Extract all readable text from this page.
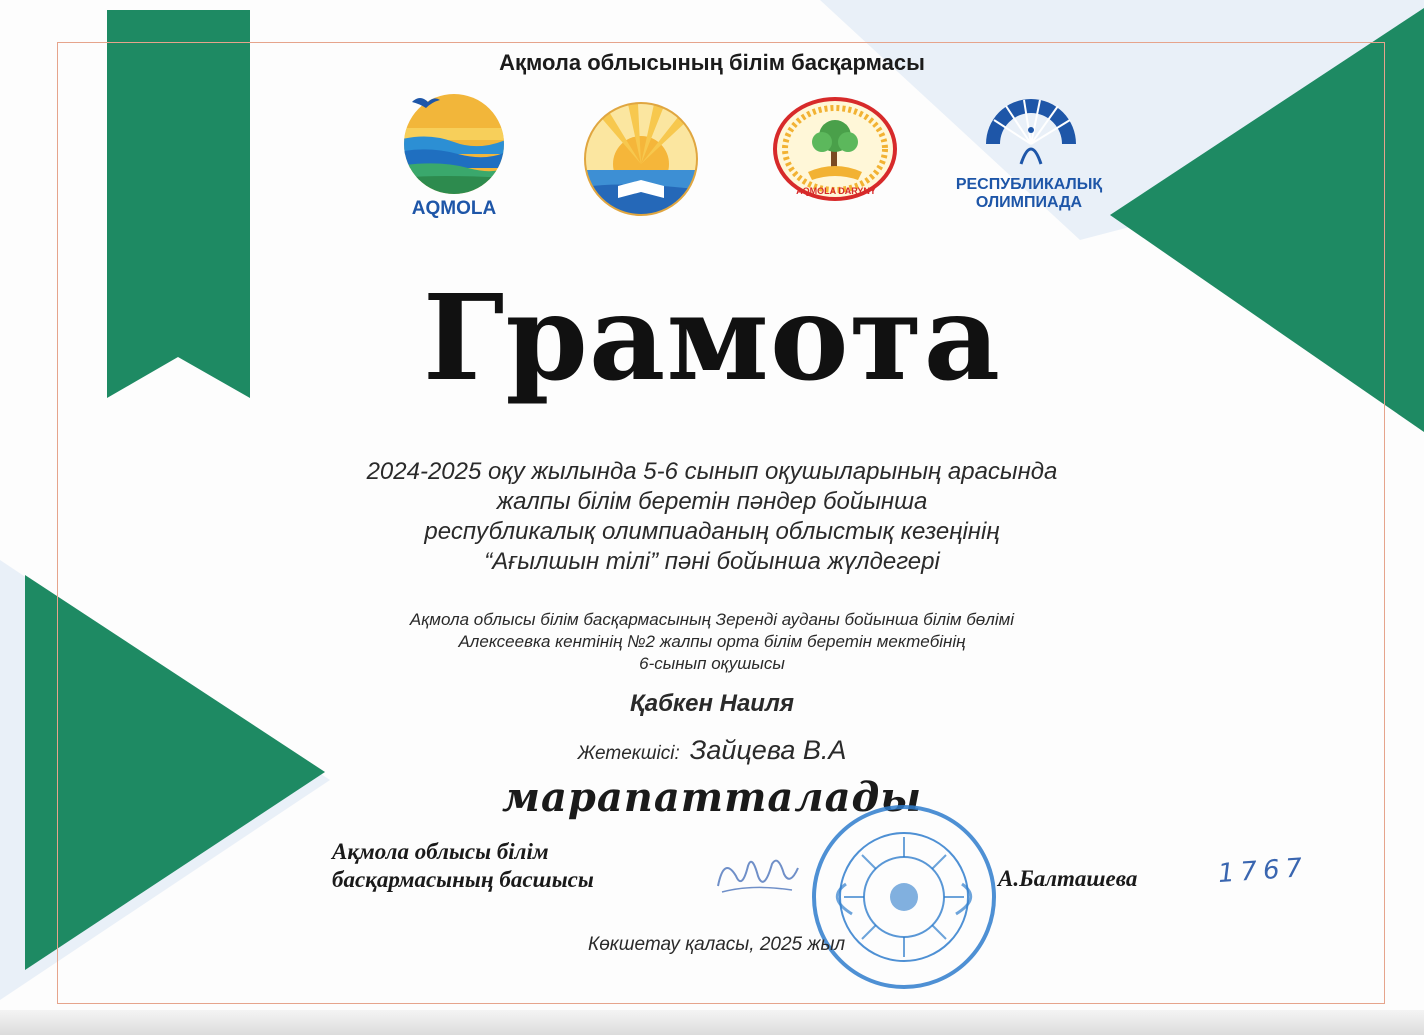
Ақмола облысының білім басқармасы
AQMOLA
AQMOLA DARYNY	РЕСПУБЛИКАЛЫҚ
ОЛИМПИАДА
Грамота
2024-2025 оқу жылында 5-6 сынып оқушыларының арасында
жалпы білім беретін пәндер бойынша
республикалық олимпиаданың облыстық кезеңінің
“Ағылшын тілі” пәні бойынша жүлдегері
Ақмола облысы білім басқармасының Зеренді ауданы бойынша білім бөлімі
Алексеевка кентінің №2 жалпы орта білім беретін мектебінің
6-сынып оқушысы
Қабкен Наиля
Жетекшісі: Зайцева В.А
марапатталады
Ақмола облысы білім
басқармасының басшысы	А.Балташева	1767
Көкшетау қаласы, 2025 жыл
